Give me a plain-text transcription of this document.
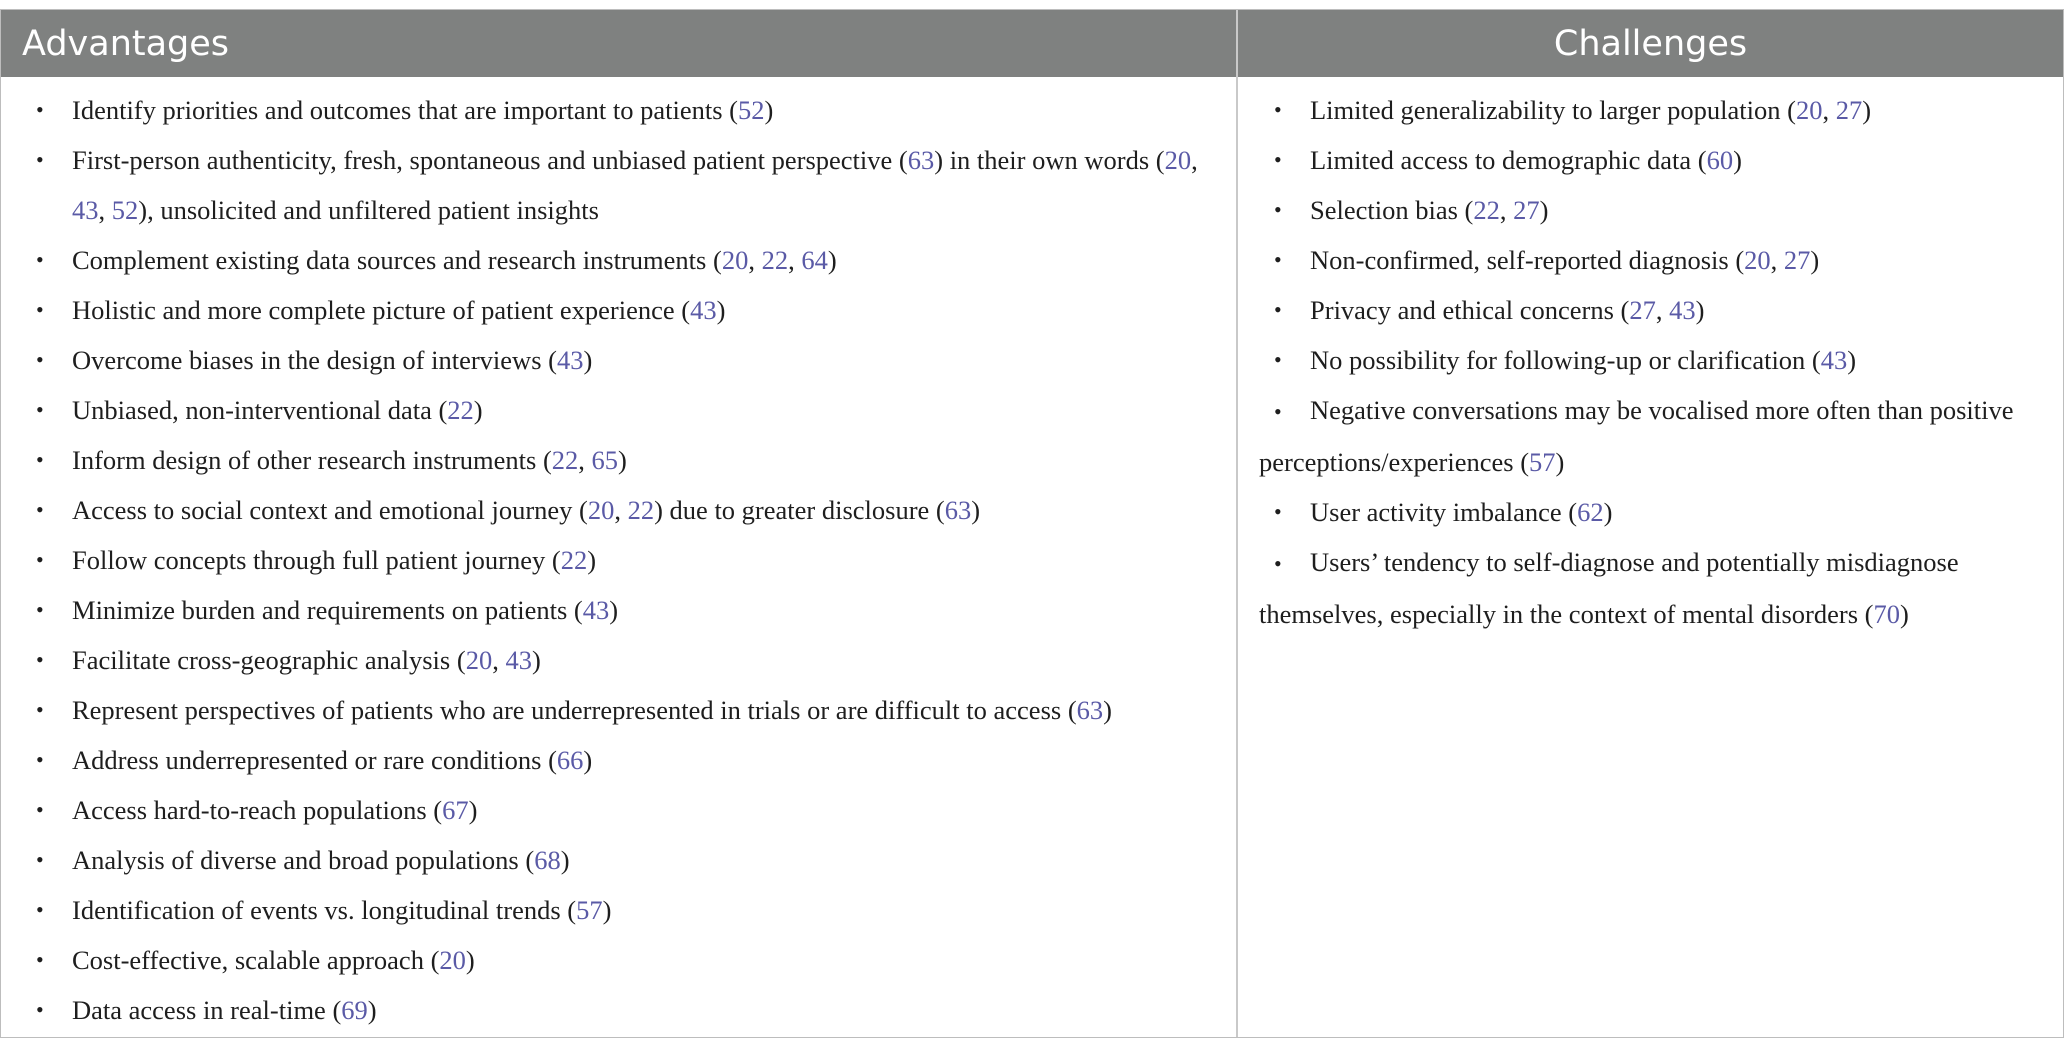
Advantages	Challenges
• Identify priorities and outcomes that are important to patients (52)
• First-person authenticity, fresh, spontaneous and unbiased patient perspective (63) in their own words (20, 43, 52), unsolicited and unfiltered patient insights
• Complement existing data sources and research instruments (20, 22, 64)
• Holistic and more complete picture of patient experience (43)
• Overcome biases in the design of interviews (43)
• Unbiased, non-interventional data (22)
• Inform design of other research instruments (22, 65)
• Access to social context and emotional journey (20, 22) due to greater disclosure (63)
• Follow concepts through full patient journey (22)
• Minimize burden and requirements on patients (43)
• Facilitate cross-geographic analysis (20, 43)
• Represent perspectives of patients who are underrepresented in trials or are difficult to access (63)
• Address underrepresented or rare conditions (66)
• Access hard-to-reach populations (67)
• Analysis of diverse and broad populations (68)
• Identification of events vs. longitudinal trends (57)
• Cost-effective, scalable approach (20)
• Data access in real-time (69)
• Limited generalizability to larger population (20, 27)
• Limited access to demographic data (60)
• Selection bias (22, 27)
• Non-confirmed, self-reported diagnosis (20, 27)
• Privacy and ethical concerns (27, 43)
• No possibility for following-up or clarification (43)
• Negative conversations may be vocalised more often than positive perceptions/experiences (57)
• User activity imbalance (62)
• Users’ tendency to self-diagnose and potentially misdiagnose themselves, especially in the context of mental disorders (70)
